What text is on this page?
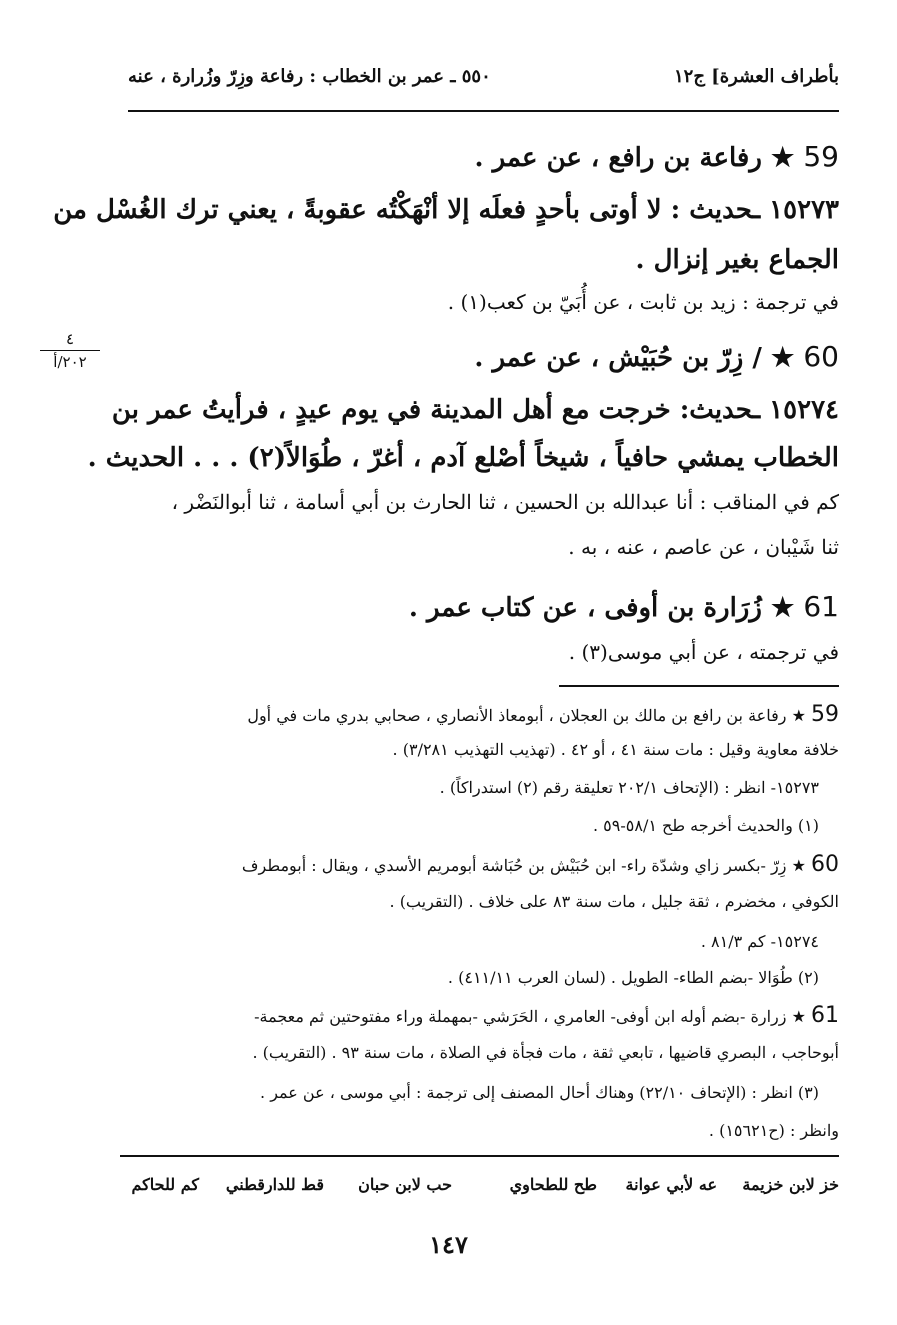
بأطراف العشرة] ج١٢
٥٥٠ ـ عمر بن الخطاب : رفاعة وزِرّ وزُرارة ، عنه
٤
٢٠٢/أ
59 ★ رفاعة بن رافع ، عن عمر .
١٥٢٧٣ ـحديث : لا أوتى بأحدٍ فعلَه إلا أنْهَكْتُه عقوبةً ، يعني ترك الغُسْل من
الجماع بغير إنزال .
في ترجمة : زيد بن ثابت ، عن أُبَيّ بن كعب(١) .
60 ★ / زِرّ بن حُبَيْش ، عن عمر .
١٥٢٧٤ ـحديث: خرجت مع أهل المدينة في يوم عيدٍ ، فرأيتُ عمر بن
الخطاب يمشي حافياً ، شيخاً أصْلع آدم ، أغرّ ، طُوَالاً(٢) . . . الحديث .
كم في المناقب : أنا عبدالله بن الحسين ، ثنا الحارث بن أبي أسامة ، ثنا أبوالنَضْر ،
ثنا شَيْبان ، عن عاصم ، عنه ، به .
61 ★ زُرَارة بن أوفى ، عن كتاب عمر .
في ترجمته ، عن أبي موسى(٣) .
59 ★ رفاعة بن رافع بن مالك بن العجلان ، أبومعاذ الأنصاري ، صحابي بدري مات في أول
خلافة معاوية وقيل : مات سنة ٤١ ، أو ٤٢ . (تهذيب التهذيب ٣/٢٨١) .
١٥٢٧٣- انظر : (الإتحاف ٢٠٢/١ تعليقة رقم (٢) استدراكاً) .
(١) والحديث أخرجه طح ٥٨/١-٥٩ .
60 ★ زِرّ -بكسر زاي وشدّة راء- ابن حُبَيْش بن حُبَاشة أبومريم الأسدي ، ويقال : أبومطرف
الكوفي ، مخضرم ، ثقة جليل ، مات سنة ٨٣ على خلاف . (التقريب) .
١٥٢٧٤- كم ٨١/٣ .
(٢) طُوَالا -بضم الطاء- الطويل . (لسان العرب ٤١١/١١) .
61 ★ زرارة -بضم أوله ابن أوفى- العامري ، الحَرَشي -بمهملة وراء مفتوحتين ثم معجمة-
أبوحاجب ، البصري قاضيها ، تابعي ثقة ، مات فجأة في الصلاة ، مات سنة ٩٣ . (التقريب) .
(٣) انظر : (الإتحاف ٢٢/١٠) وهناك أحال المصنف إلى ترجمة : أبي موسى ، عن عمر .
وانظر : (ح١٥٦٢١) .
خز لابن خزيمة
عه لأبي عوانة
طح للطحاوي
حب لابن حبان
قط للدارقطني
كم للحاكم
١٤٧
